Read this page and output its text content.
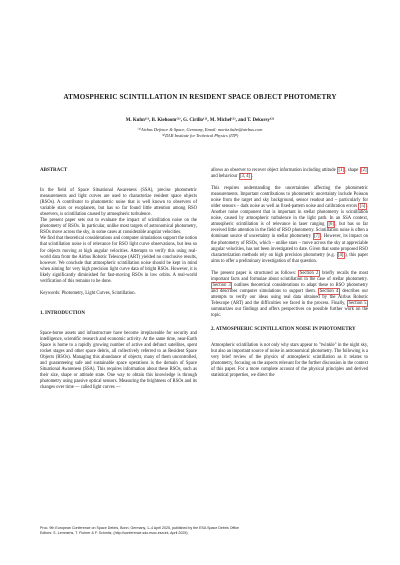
ATMOSPHERIC SCINTILLATION IN RESIDENT SPACE OBJECT PHOTOMETRY
M. Kuhn⁽¹⁾, B. Kiehoom⁽¹⁾, G. Cirillo⁽¹⁾, M. Michel⁽¹⁾, and T. Dekorsy⁽²⁾
⁽¹⁾Airbus Defence & Space, Germany, Email: moritz.kuhn@airbus.com
⁽²⁾DLR Institute for Technical Physics (ITP)
ABSTRACT

In the field of Space Situational Awareness (SSA), precise photometric measurements and light curves are used to characterize resident space objects (RSOs). A contributor to photometric noise that is well known to observers of variable stars or exoplanets, but has so far found little attention among RSO observers, is scintillation caused by atmospheric turbulence.

The present paper sets out to evaluate the impact of scintillation noise on the photometry of RSOs. In particular, unlike most targets of astronomical photometry, RSOs move across the sky, in some cases at considerable angular velocities.

We find that theoretical considerations and computer simulations support the notion that scintillation noise is of relevance for RSO light curve observations, but less so for objects moving at high angular velocities. Attempts to verify this using real-world data from the Airbus Robotic Telescope (ART) yielded no conclusive results, however. We conclude that atmospheric scintillation noise should be kept in mind when aiming for very high precision light curve data of bright RSOs. However, it is likely significantly diminished for fast-moving RSOs in low orbits. A real-world verification of this remains to be done.

Keywords: Photometry, Light Curves, Scintillation.

1. INTRODUCTION

Space-borne assets and infrastructure have become irreplaceable for security and intelligence, scientific research and economic activity. At the same time, near-Earth Space is home to a rapidly growing number of active and defunct satellites, spent rocket stages and other space debris, all collectively referred to as Resident Space Objects (RSOs). Managing this abundance of objects, many of them uncontrolled, and guaranteeing safe and sustainable space operations is the domain of Space Situational Awareness (SSA). This requires information about these RSOs, such as their size, shape or attitude state. One way to obtain this knowledge is through photometry using passive optical sensors. Measuring the brightness of RSOs and its changes over time — called light curves —

allows an observer to recover object information including attitude [1] , shape [2] and behaviour [3, 4] .

This requires understanding the uncertainties affecting the photometric measurements. Important contributions to photometric uncertainty include Poisson noise from the target and sky background, sensor readout and – particularly for older sensors – dark noise as well as fixed-pattern noise and calibration errors [5] . Another noise component that is important in stellar photometry is scintillation noise, caused by atmospheric turbulence in the light path. In an SSA context, atmospheric scintillation is of relevance in laser ranging [6] , but has so far received little attention in the field of RSO photometry. Scintillation noise is often a dominant source of uncertainty in stellar photometry [7] . However, its impact on the photometry of RSOs, which – unlike stars – move across the sky at appreciable angular velocities, has not been investigated to date. Given that some proposed RSO characterization methods rely on high precision photometry (e.g. [4] ), this paper aims to offer a preliminary investigation of that question.

The present paper is structured as follows: Section 2 briefly recalls the most important facts and formulae about scintillation in the case of stellar photometry. Section 3 outlines theoretical considerations to adapt these to RSO photometry and describes computer simulations to support them. Section 4 describes our attempts to verify our ideas using real data obtained by the Airbus Robotic Telescope (ART) and the difficulties we faced in the process. Finally, Section 5 summarizes our findings and offers perspectives on possible further work on the topic.

2. ATMOSPHERIC SCINTILLATION NOISE IN PHOTOMETRY

Atmospheric scintillation is not only why stars appear to "twinkle" in the night sky, but also an important source of noise in astronomical photometry. The following is a very brief review of the physics of atmospheric scintillation as it relates to photometry, focusing on the aspects relevant for the further discussion in the context of this paper. For a more complete account of the physical principles and derived statistical properties, we direct the

Proc. 9th European Conference on Space Debris, Bonn, Germany, 1–4 April 2025, published by the ESA Space Debris Office
Editors: S. Lemmens, T. Flohrer & F. Schmitz, (http://conference.sdo.esoc.esa.int, April 2025)
